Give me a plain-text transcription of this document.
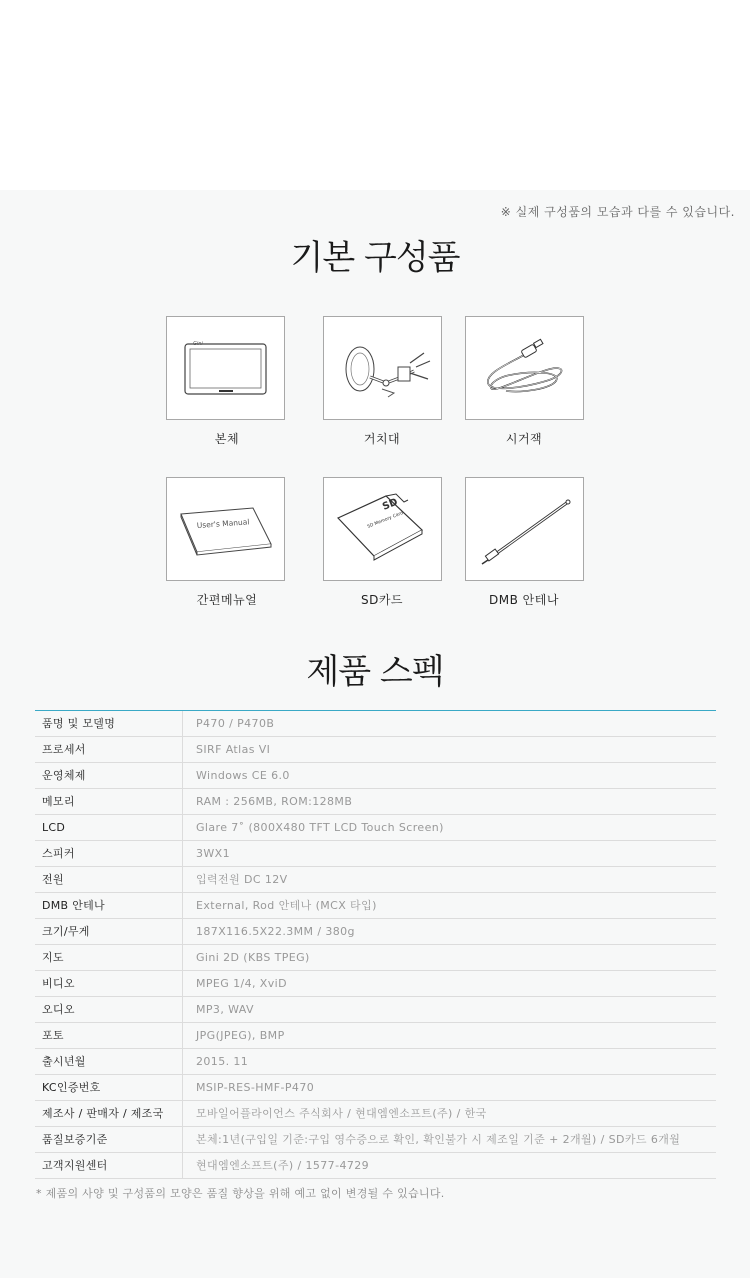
※ 실제 구성품의 모습과 다를 수 있습니다.
기본 구성품
Gini
본체	거치대	시거잭
User's Manual
간편메뉴얼
SD
SD Memory Card
SD카드	DMB 안테나
제품 스펙
품명 및 모델명	P470 / P470B
프로세서	SIRF Atlas VI
운영체제	Windows CE 6.0
메모리	RAM : 256MB, ROM:128MB
LCD	Glare 7˚ (800X480 TFT LCD Touch Screen)
스피커	3WX1
전원	입력전원 DC 12V
DMB 안테나	External, Rod 안테나 (MCX 타입)
크기/무게	187X116.5X22.3MM / 380g
지도	Gini 2D (KBS TPEG)
비디오	MPEG 1/4, XviD
오디오	MP3, WAV
포토	JPG(JPEG), BMP
출시년월	2015. 11
KC인증번호	MSIP-RES-HMF-P470
제조사 / 판매자 / 제조국	모바일어플라이언스 주식회사 / 현대엠엔소프트(주) / 한국
품질보증기준	본체:1년(구입일 기준:구입 영수증으로 확인, 확인불가 시 제조일 기준 + 2개월) / SD카드 6개월
고객지원센터	현대엠엔소프트(주) / 1577-4729
* 제품의 사양 및 구성품의 모양은 품질 향상을 위해 예고 없이 변경될 수 있습니다.
